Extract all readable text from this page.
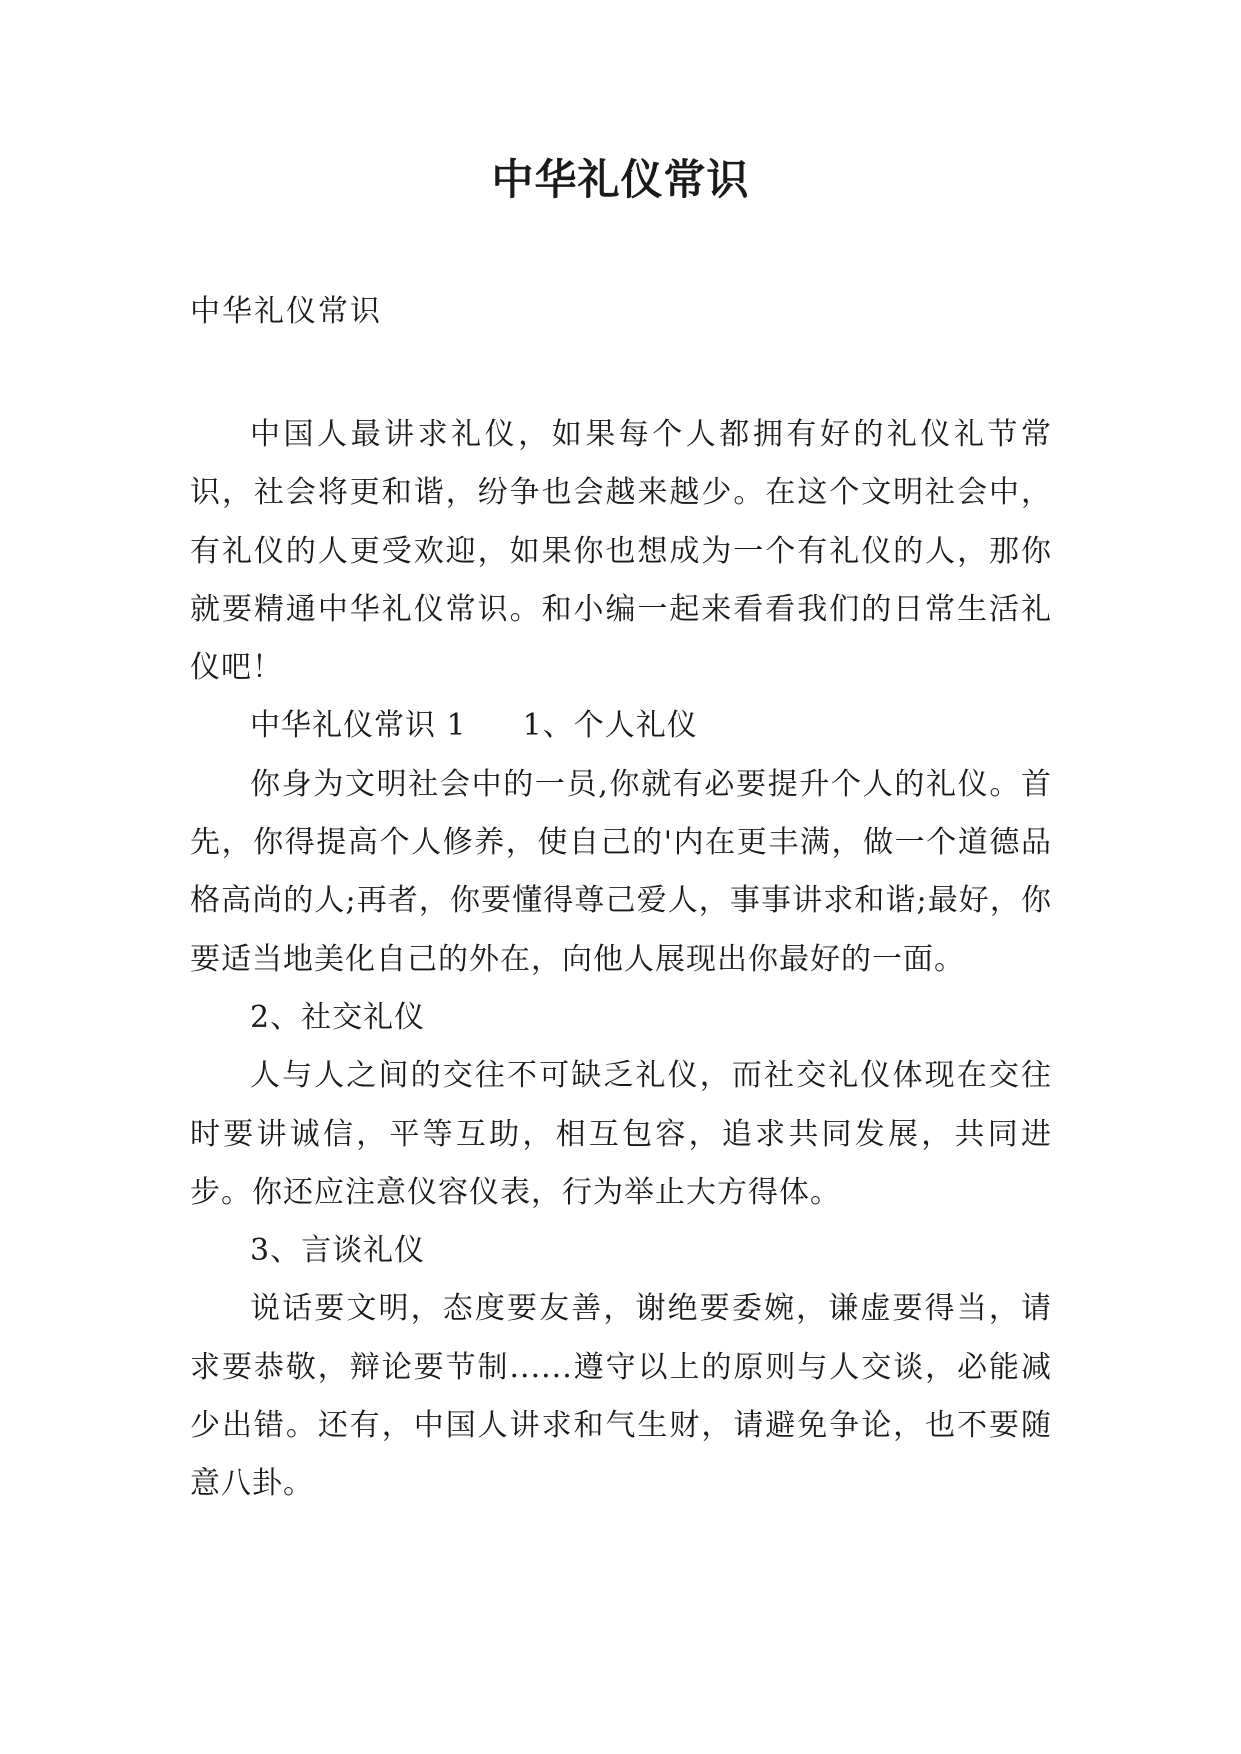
中华礼仪常识
中华礼仪常识

中国人最讲求礼仪，如果每个人都拥有好的礼仪礼节常识，社会将更和谐，纷争也会越来越少。在这个文明社会中，有礼仪的人更受欢迎，如果你也想成为一个有礼仪的人，那你就要精通中华礼仪常识。和小编一起来看看我们的日常生活礼仪吧！

中华礼仪常识 1 1、个人礼仪

你身为文明社会中的一员,你就有必要提升个人的礼仪。首先，你得提高个人修养，使自己的'内在更丰满，做一个道德品格高尚的人;再者，你要懂得尊己爱人，事事讲求和谐;最好，你要适当地美化自己的外在，向他人展现出你最好的一面。

2、社交礼仪

人与人之间的交往不可缺乏礼仪，而社交礼仪体现在交往时要讲诚信，平等互助，相互包容，追求共同发展，共同进步。你还应注意仪容仪表，行为举止大方得体。

3、言谈礼仪

说话要文明，态度要友善，谢绝要委婉，谦虚要得当，请求要恭敬，辩论要节制......遵守以上的原则与人交谈，必能减少出错。还有，中国人讲求和气生财，请避免争论，也不要随意八卦。
